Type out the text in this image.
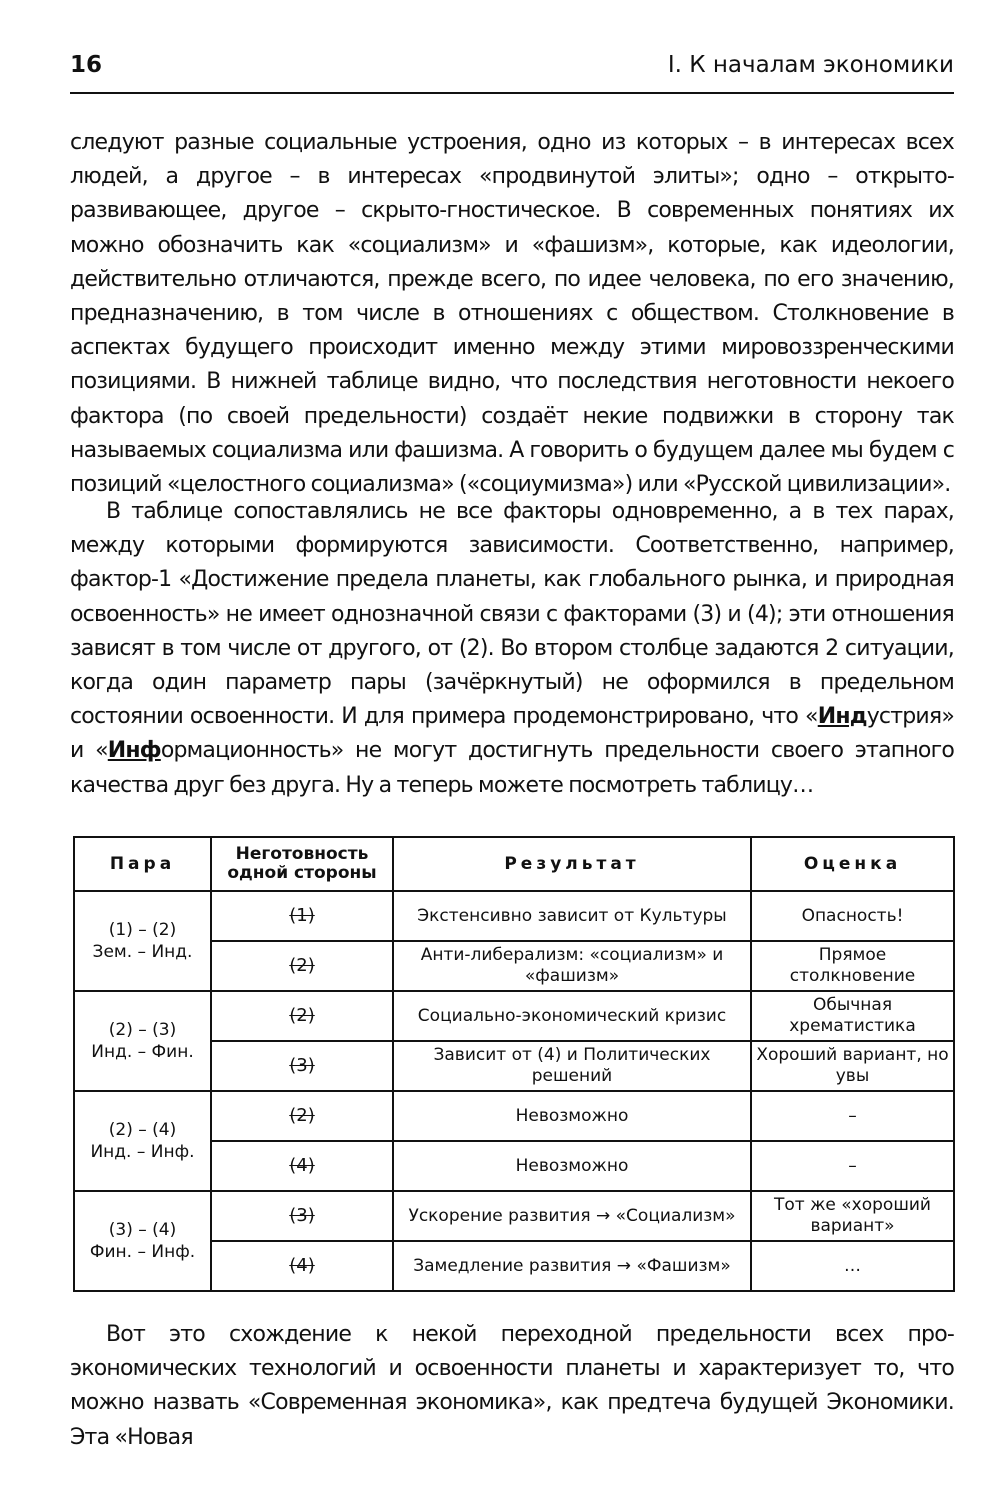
16	I. К началам экономики

следуют разные социальные устроения, одно из которых – в интересах всех людей, а другое – в интересах «продвинутой элиты»; одно – открыто-развивающее, другое – скрыто-гностическое. В современных понятиях их можно обозначить как «социализм» и «фашизм», которые, как идеологии, действительно отличаются, прежде всего, по идее человека, по его значению, предназначению, в том числе в отношениях с обществом. Столкновение в аспектах будущего происходит именно между этими мировоззренческими позициями. В нижней таблице видно, что последствия неготовности некоего фактора (по своей предельности) создаёт некие подвижки в сторону так называемых социализма или фашизма. А говорить о будущем далее мы будем с позиций «целостного социализма» («социумизма») или «Русской цивилизации».

В таблице сопоставлялись не все факторы одновременно, а в тех парах, между которыми формируются зависимости. Соответственно, например, фактор-1 «Достижение предела планеты, как глобального рынка, и природная освоенность» не имеет однозначной связи с факторами (3) и (4); эти отношения зависят в том числе от другого, от (2). Во втором столбце задаются 2 ситуации, когда один параметр пары (зачёркнутый) не оформился в предельном состоянии освоенности. И для примера продемонстрировано, что «Индустрия» и «Информационность» не могут достигнуть предельности своего этапного качества друг без друга. Ну а теперь можете посмотреть таблицу…

Пара	Неготовность одной стороны	Результат	Оценка

(1) – (2)
Зем. – Инд.	(1)	Экстенсивно зависит от Культуры	Опасность!
	(2)	Анти-либерализм: «социализм» и «фашизм»	Прямое столкновение

(2) – (3)
Инд. – Фин.	(2)	Социально-экономический кризис	Обычная хрематистика
	(3)	Зависит от (4) и Политических решений	Хороший вариант, но увы

(2) – (4)
Инд. – Инф.	(2)	Невозможно	–
	(4)	Невозможно	–

(3) – (4)
Фин. – Инф.	(3)	Ускорение развития → «Социализм»	Тот же «хороший вариант»
	(4)	Замедление развития → «Фашизм»	…

Вот это схождение к некой переходной предельности всех про-экономических технологий и освоенности планеты и характеризует то, что можно назвать «Современная экономика», как предтеча будущей Экономики. Эта «Новая
